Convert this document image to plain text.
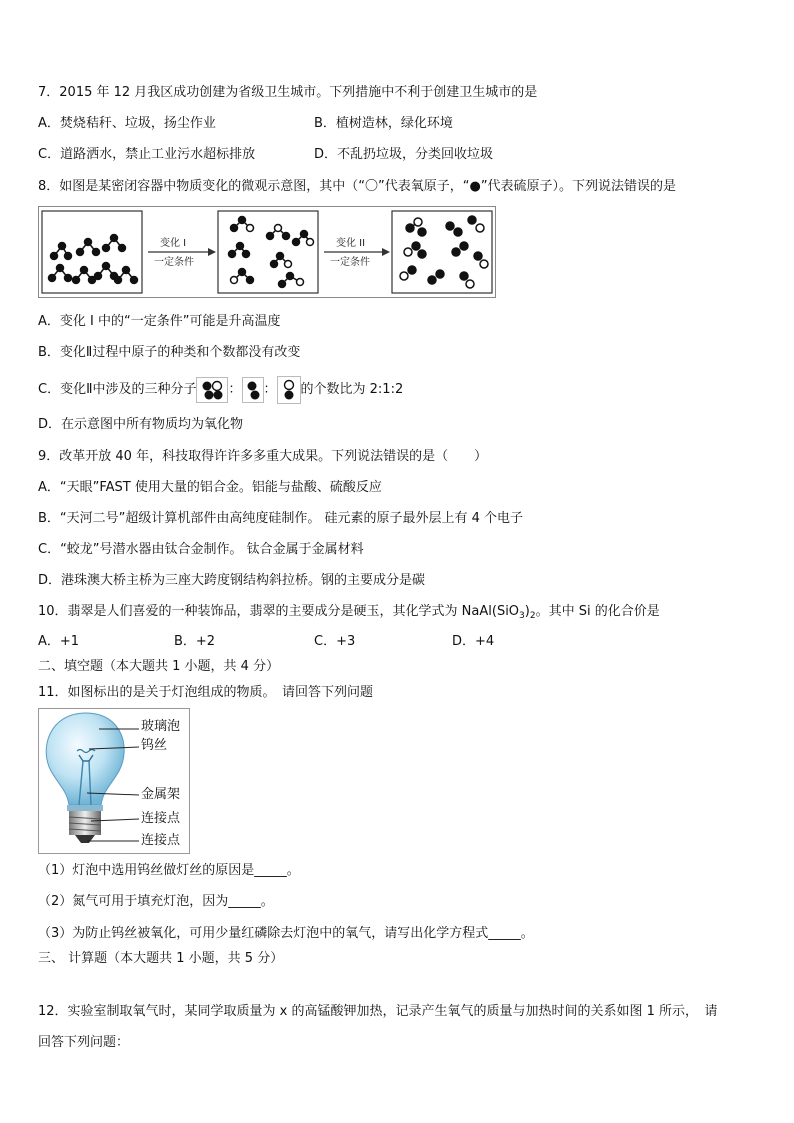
7．2015 年 12 月我区成功创建为省级卫生城市。下列措施中不利于创建卫生城市的是
A．焚烧秸秆、垃圾，扬尘作业	B．植树造林，绿化环境
C．道路洒水，禁止工业污水超标排放	D．不乱扔垃圾，分类回收垃圾
8．如图是某密闭容器中物质变化的微观示意图，其中（“〇”代表氧原子，“●”代表硫原子）。下列说法错误的是
变化 I
一定条件
变化 II
一定条件
A．变化 I 中的“一定条件”可能是升高温度
B．变化Ⅱ过程中原子的种类和个数都没有改变
C．变化Ⅱ中涉及的三种分子 ： ： 的个数比为 2:1:2
D．在示意图中所有物质均为氧化物
9．改革开放 40 年，科技取得许许多多重大成果。下列说法错误的是（　　）
A．“天眼”FAST 使用大量的铝合金。铝能与盐酸、硫酸反应
B．“天河二号”超级计算机部件由高纯度硅制作。 硅元素的原子最外层上有 4 个电子
C．“蛟龙”号潜水器由钛合金制作。 钛合金属于金属材料
D．港珠澳大桥主桥为三座大跨度钢结构斜拉桥。钢的主要成分是碳
10．翡翠是人们喜爱的一种装饰品，翡翠的主要成分是硬玉，其化学式为 $NaAl(SiO_3)_2$。其中 Si 的化合价是
A．+1	B．+2	C．+3	D．+4
二、填空题（本大题共 1 小题，共 4 分）
11．如图标出的是关于灯泡组成的物质。　请回答下列问题
玻璃泡
钨丝
金属架
连接点
连接点
（1）灯泡中选用钨丝做灯丝的原因是_____。
（2）氮气可用于填充灯泡，因为_____。
（3）为防止钨丝被氧化，可用少量红磷除去灯泡中的氧气，请写出化学方程式_____。
三、 计算题（本大题共 1 小题，共 5 分）
12．实验室制取氧气时，某同学取质量为 x 的高锰酸钾加热，记录产生氧气的质量与加热时间的关系如图 1 所示，　请
回答下列问题：
